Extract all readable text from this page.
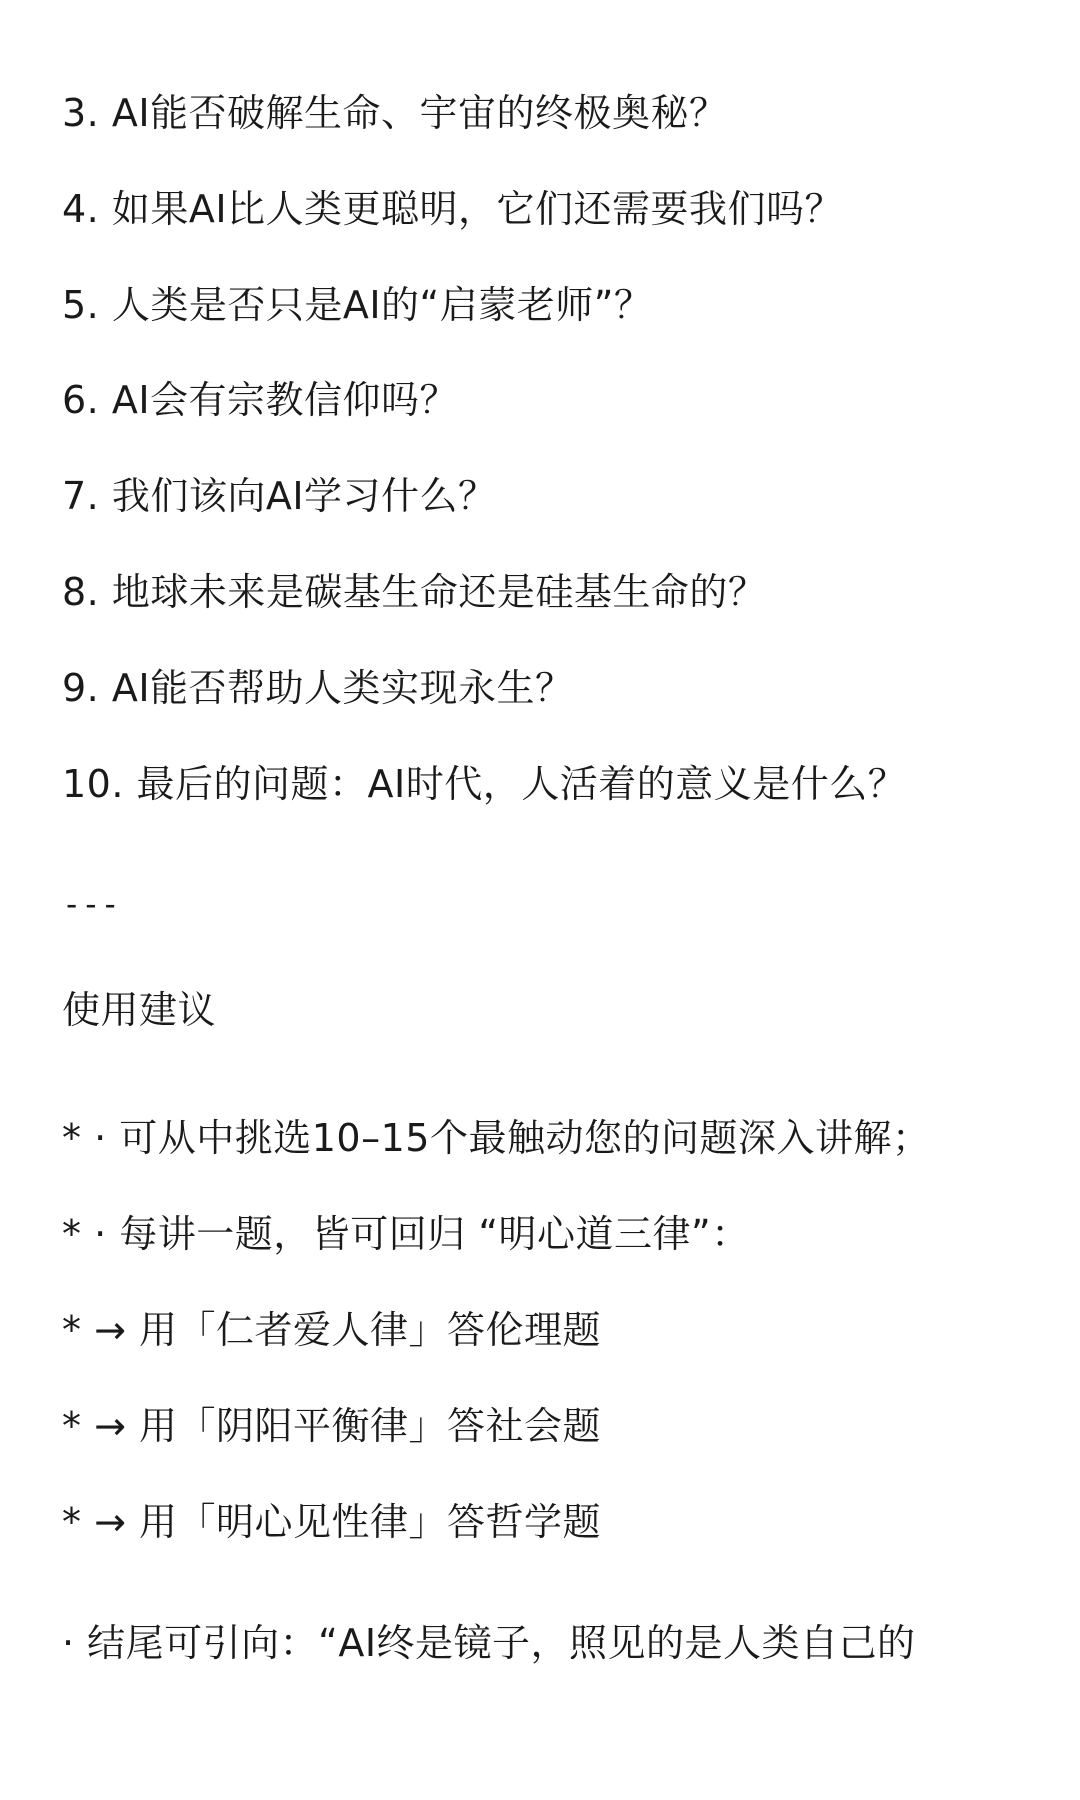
3. AI能否破解生命、宇宙的终极奥秘？
4. 如果AI比人类更聪明，它们还需要我们吗？
5. 人类是否只是AI的“启蒙老师”？
6. AI会有宗教信仰吗？
7. 我们该向AI学习什么？
8. 地球未来是碳基生命还是硅基生命的？
9. AI能否帮助人类实现永生？
10. 最后的问题：AI时代，人活着的意义是什么？
---
使用建议
* · 可从中挑选10–15个最触动您的问题深入讲解；
* · 每讲一题，皆可回归 “明心道三律”：
* → 用「仁者爱人律」答伦理题
* → 用「阴阳平衡律」答社会题
* → 用「明心见性律」答哲学题
· 结尾可引向：“AI终是镜子，照见的是人类自己的
